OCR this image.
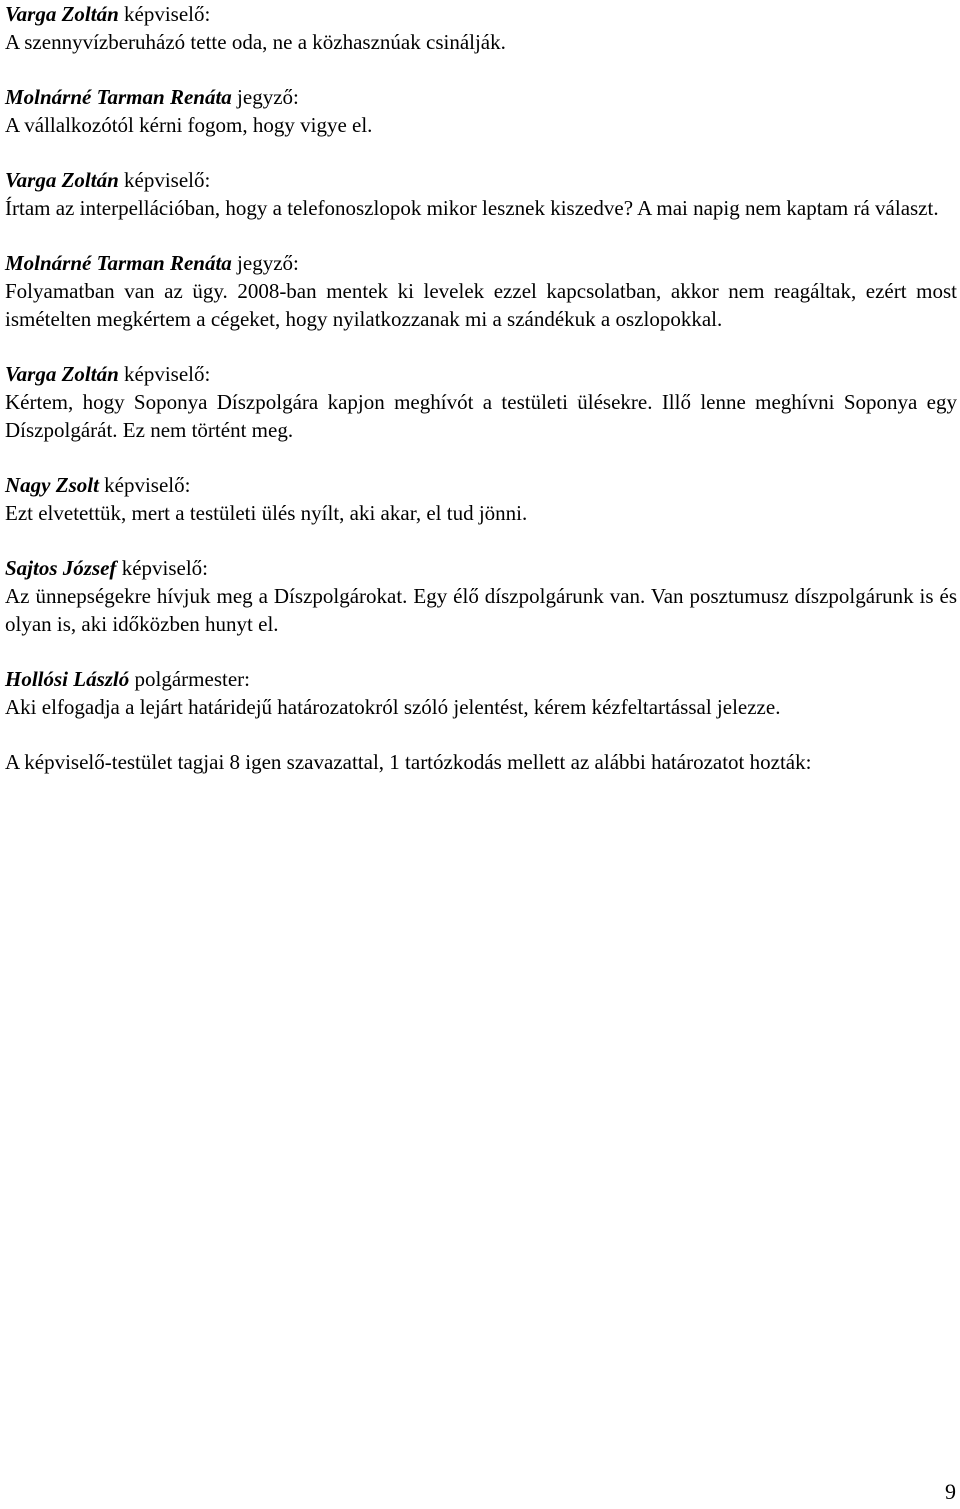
Varga Zoltán képviselő:

A szennyvízberuházó tette oda, ne a közhasznúak csinálják.

Molnárné Tarman Renáta jegyző:

A vállalkozótól kérni fogom, hogy vigye el.

Varga Zoltán képviselő:

Írtam az interpellációban, hogy a telefonoszlopok mikor lesznek kiszedve? A mai napig nem kaptam rá választ.

Molnárné Tarman Renáta jegyző:

Folyamatban van az ügy. 2008-ban mentek ki levelek ezzel kapcsolatban, akkor nem reagáltak, ezért most ismételten megkértem a cégeket, hogy nyilatkozzanak mi a szándékuk a oszlopokkal.

Varga Zoltán képviselő:

Kértem, hogy Soponya Díszpolgára kapjon meghívót a testületi ülésekre. Illő lenne meghívni Soponya egy Díszpolgárát. Ez nem történt meg.

Nagy Zsolt képviselő:

Ezt elvetettük, mert a testületi ülés nyílt, aki akar, el tud jönni.

Sajtos József képviselő:

Az ünnepségekre hívjuk meg a Díszpolgárokat. Egy élő díszpolgárunk van. Van posztumusz díszpolgárunk is és olyan is, aki időközben hunyt el.

Hollósi László polgármester:

Aki elfogadja a lejárt határidejű határozatokról szóló jelentést, kérem kézfeltartással jelezze.

A képviselő-testület tagjai 8 igen szavazattal, 1 tartózkodás mellett az alábbi határozatot hozták:

9
